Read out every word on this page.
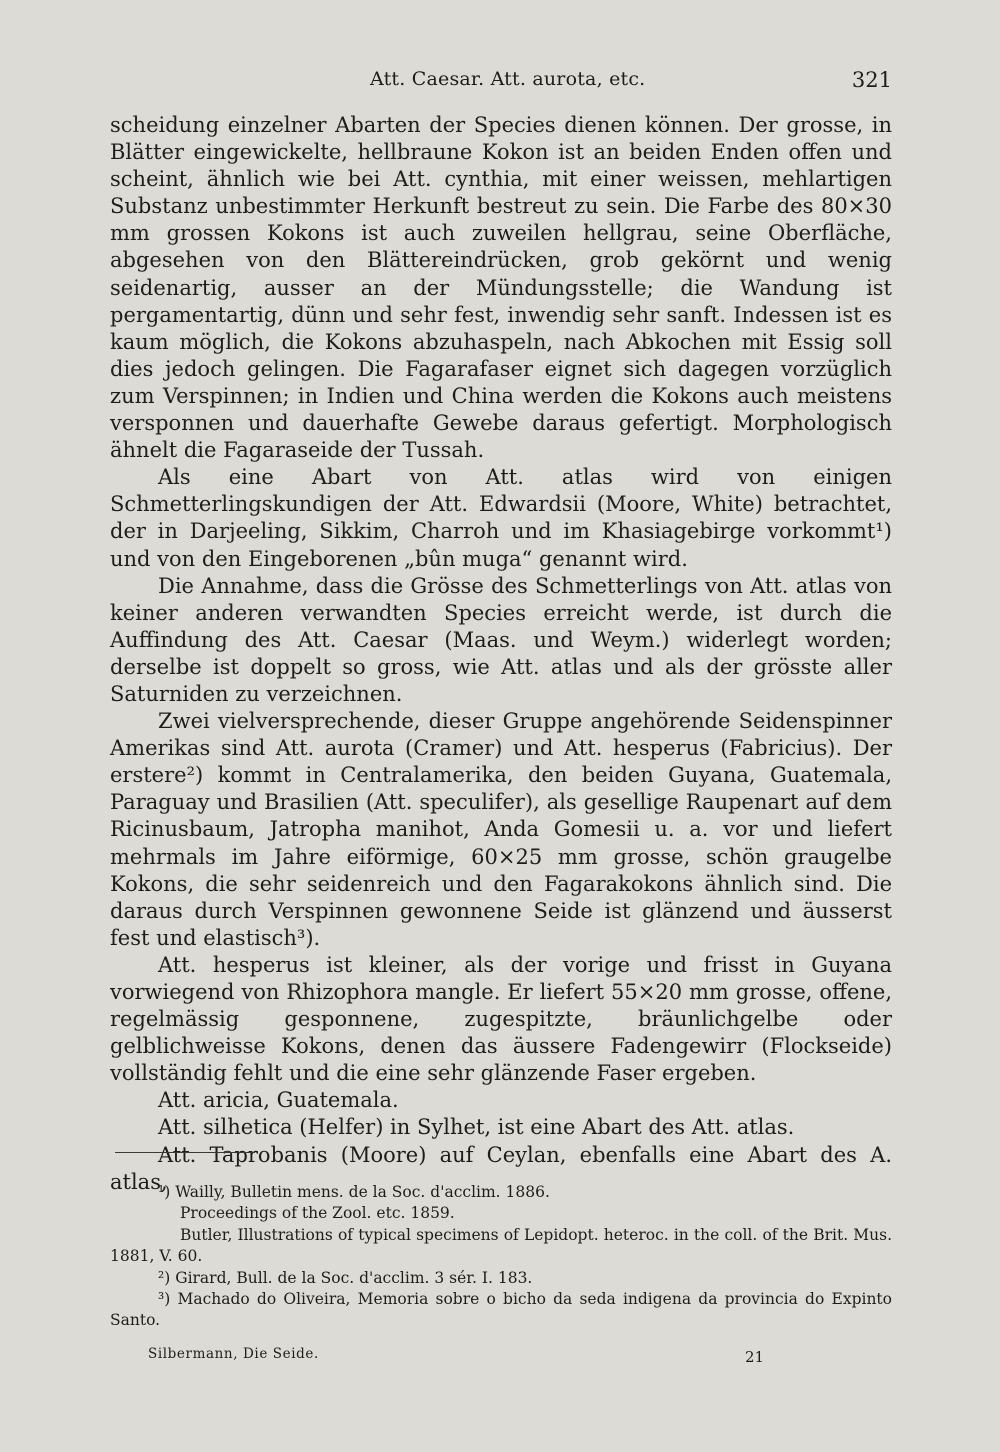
Att. Caesar. Att. aurota, etc.	321

scheidung einzelner Abarten der Species dienen können. Der grosse, in Blätter eingewickelte, hellbraune Kokon ist an beiden Enden offen und scheint, ähnlich wie bei Att. cynthia, mit einer weissen, mehlartigen Substanz unbestimmter Herkunft bestreut zu sein. Die Farbe des 80×30 mm grossen Kokons ist auch zuweilen hellgrau, seine Oberfläche, abgesehen von den Blättereindrücken, grob gekörnt und wenig seidenartig, ausser an der Mündungsstelle; die Wandung ist pergamentartig, dünn und sehr fest, inwendig sehr sanft. Indessen ist es kaum möglich, die Kokons abzuhaspeln, nach Abkochen mit Essig soll dies jedoch gelingen. Die Fagarafaser eignet sich dagegen vorzüglich zum Verspinnen; in Indien und China werden die Kokons auch meistens versponnen und dauerhafte Gewebe daraus gefertigt. Morphologisch ähnelt die Fagaraseide der Tussah.

Als eine Abart von Att. atlas wird von einigen Schmetterlingskundigen der Att. Edwardsii (Moore, White) betrachtet, der in Darjeeling, Sikkim, Charroh und im Khasiagebirge vorkommt¹) und von den Eingeborenen „bûn muga“ genannt wird.

Die Annahme, dass die Grösse des Schmetterlings von Att. atlas von keiner anderen verwandten Species erreicht werde, ist durch die Auffindung des Att. Caesar (Maas. und Weym.) widerlegt worden; derselbe ist doppelt so gross, wie Att. atlas und als der grösste aller Saturniden zu verzeichnen.

Zwei vielversprechende, dieser Gruppe angehörende Seidenspinner Amerikas sind Att. aurota (Cramer) und Att. hesperus (Fabricius). Der erstere²) kommt in Centralamerika, den beiden Guyana, Guatemala, Paraguay und Brasilien (Att. speculifer), als gesellige Raupenart auf dem Ricinusbaum, Jatropha manihot, Anda Gomesii u. a. vor und liefert mehrmals im Jahre eiförmige, 60×25 mm grosse, schön graugelbe Kokons, die sehr seidenreich und den Fagarakokons ähnlich sind. Die daraus durch Verspinnen gewonnene Seide ist glänzend und äusserst fest und elastisch³).

Att. hesperus ist kleiner, als der vorige und frisst in Guyana vorwiegend von Rhizophora mangle. Er liefert 55×20 mm grosse, offene, regelmässig gesponnene, zugespitzte, bräunlichgelbe oder gelblichweisse Kokons, denen das äussere Fadengewirr (Flockseide) vollständig fehlt und die eine sehr glänzende Faser ergeben.

Att. aricia, Guatemala.

Att. silhetica (Helfer) in Sylhet, ist eine Abart des Att. atlas.

Att. Taprobanis (Moore) auf Ceylan, ebenfalls eine Abart des A. atlas,

¹) Wailly, Bulletin mens. de la Soc. d'acclim. 1886.

Proceedings of the Zool. etc. 1859.

Butler, Illustrations of typical specimens of Lepidopt. heteroc. in the coll. of the Brit. Mus. 1881, V. 60.

²) Girard, Bull. de la Soc. d'acclim. 3 sér. I. 183.

³) Machado do Oliveira, Memoria sobre o bicho da seda indigena da provincia do Expinto Santo.

Silbermann, Die Seide.	21
